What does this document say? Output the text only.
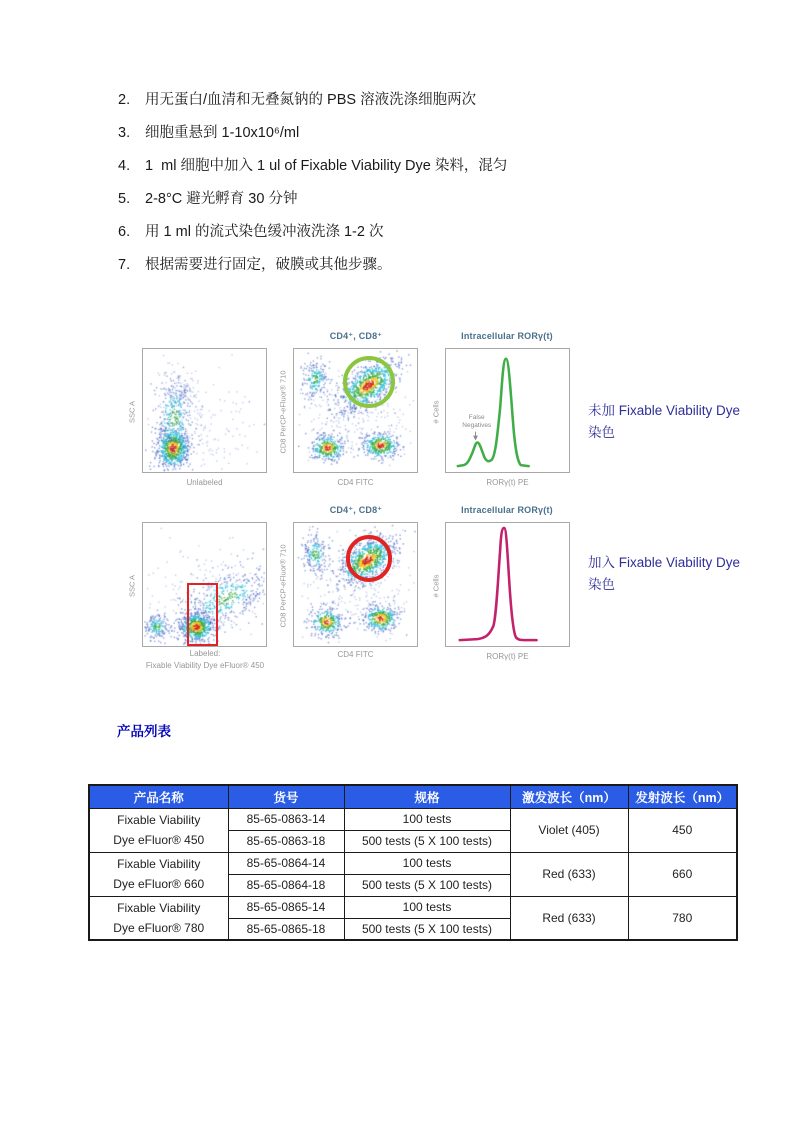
2.	用无蛋白/血清和无叠氮钠的 PBS 溶液洗涤细胞两次
3.	细胞重悬到 1-10x10⁶/ml
4.	1  ml 细胞中加入 1 ul of Fixable Viability Dye 染料，混匀
5.	2-8°C 避光孵育 30 分钟
6.	用 1 ml 的流式染色缓冲液洗涤 1-2 次
7.	根据需要进行固定，破膜或其他步骤。
CD4⁺, CD8⁺	Intracellular RORγ(t)
SSC A
Unlabeled
CD8 PerCP-eFluor® 710
CD4 FITC
# Cells	False
Negatives
RORγ(t) PE
未加 Fixable Viability Dye
染色
CD4⁺, CD8⁺	Intracellular RORγ(t)
SSC A
Labeled:
Fixable Viability Dye eFluor® 450
CD8 PerCP-eFluor® 710
CD4 FITC
# Cells
RORγ(t) PE
加入 Fixable Viability Dye
染色
产品列表
产品名称	货号	规格	激发波长（nm）	发射波长（nm）

Fixable Viability
Dye eFluor® 450	85-65-0863-14	100 tests	Violet (405)	450
	85-65-0863-18	500 tests (5 X 100 tests)		

Fixable Viability
Dye eFluor® 660	85-65-0864-14	100 tests	Red (633)	660
	85-65-0864-18	500 tests (5 X 100 tests)		

Fixable Viability
Dye eFluor® 780	85-65-0865-14	100 tests	Red (633)	780
	85-65-0865-18	500 tests (5 X 100 tests)		
